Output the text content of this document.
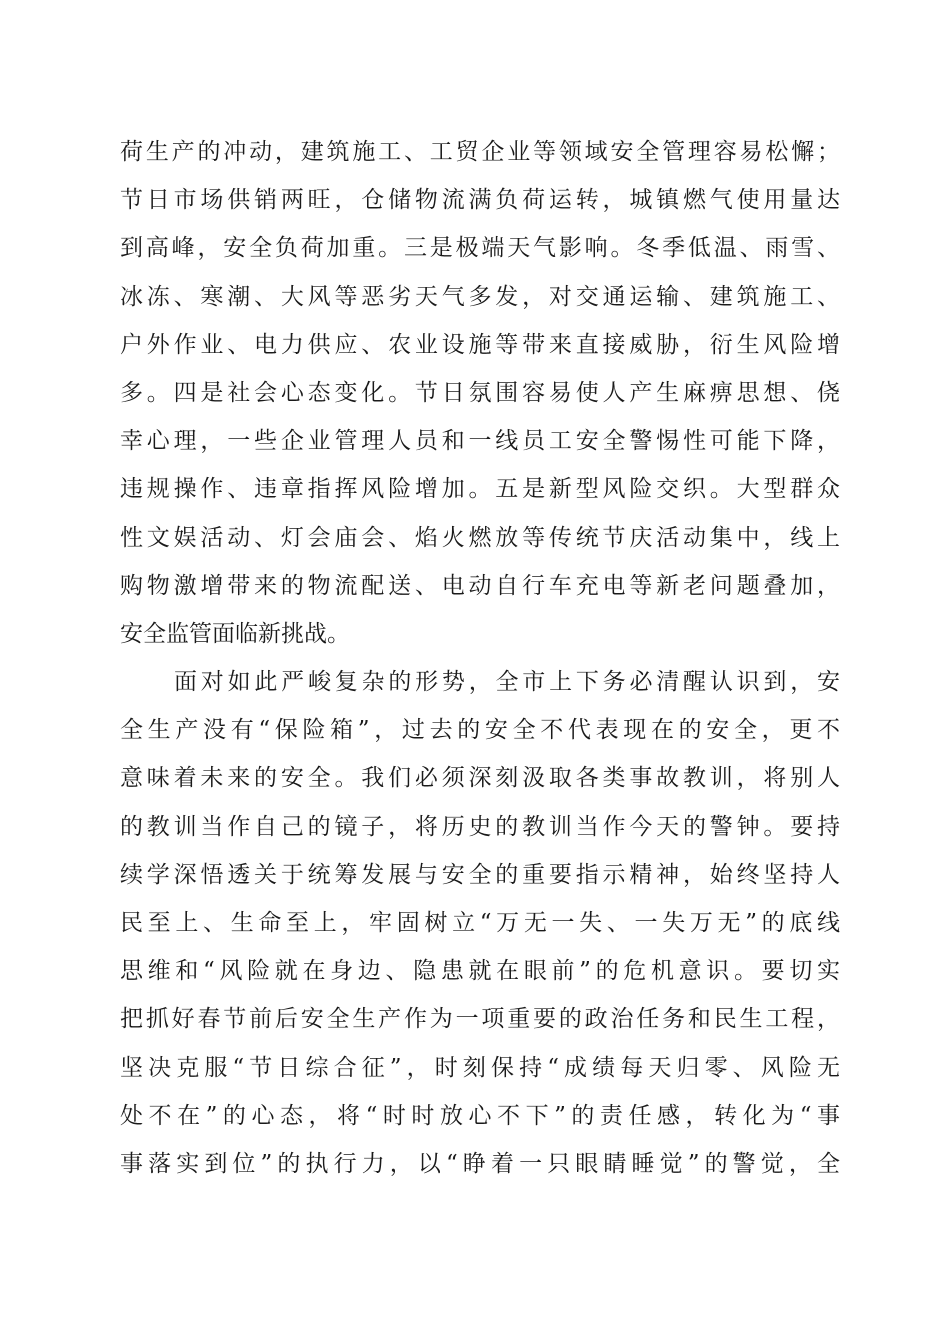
荷生产的冲动，建筑施工、工贸企业等领域安全管理容易松懈；
节日市场供销两旺，仓储物流满负荷运转，城镇燃气使用量达
到高峰，安全负荷加重。三是极端天气影响。冬季低温、雨雪、
冰冻、寒潮、大风等恶劣天气多发，对交通运输、建筑施工、
户外作业、电力供应、农业设施等带来直接威胁，衍生风险增
多。四是社会心态变化。节日氛围容易使人产生麻痹思想、侥
幸心理，一些企业管理人员和一线员工安全警惕性可能下降，
违规操作、违章指挥风险增加。五是新型风险交织。大型群众
性文娱活动、灯会庙会、焰火燃放等传统节庆活动集中，线上
购物激增带来的物流配送、电动自行车充电等新老问题叠加，
安全监管面临新挑战。
面对如此严峻复杂的形势，全市上下务必清醒认识到，安
全生产没有“保险箱”，过去的安全不代表现在的安全，更不
意味着未来的安全。我们必须深刻汲取各类事故教训，将别人
的教训当作自己的镜子，将历史的教训当作今天的警钟。要持
续学深悟透关于统筹发展与安全的重要指示精神，始终坚持人
民至上、生命至上，牢固树立“万无一失、一失万无”的底线
思维和“风险就在身边、隐患就在眼前”的危机意识。要切实
把抓好春节前后安全生产作为一项重要的政治任务和民生工程，
坚决克服“节日综合征”，时刻保持“成绩每天归零、风险无
处不在”的心态，将“时时放心不下”的责任感，转化为“事
事落实到位”的执行力，以“睁着一只眼睛睡觉”的警觉，全
